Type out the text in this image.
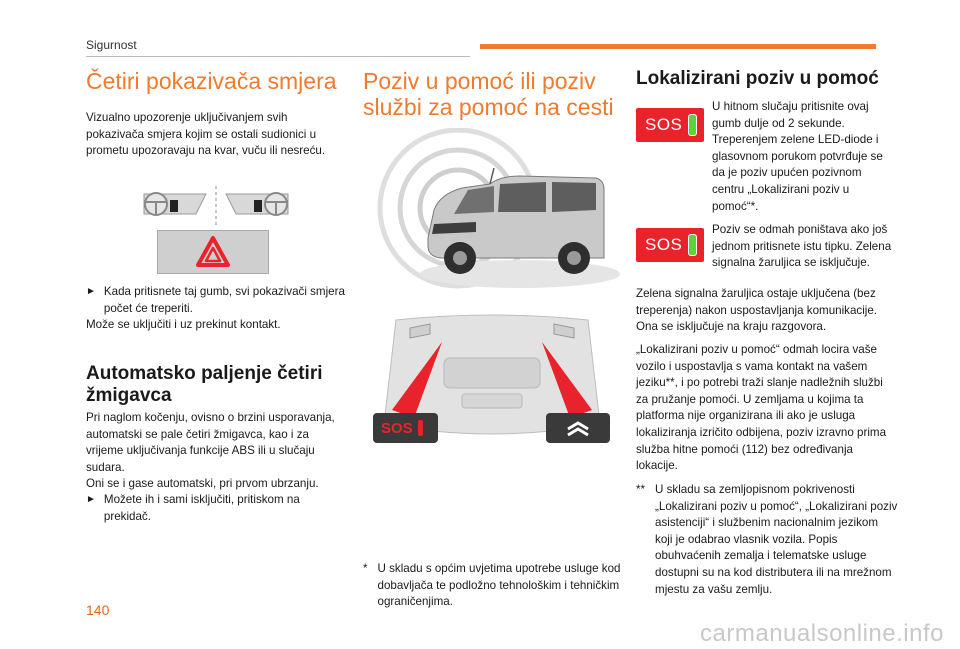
Sigurnost
Četiri pokazivača smjera

Vizualno upozorenje uključivanjem svih pokazivača smjera kojim se ostali sudionici u prometu upozoravaju na kvar, vuču ili nesreću.

► Kada pritisnete taj gumb, svi pokazivači smjera počet će treperiti.

Može se uključiti i uz prekinut kontakt.

Automatsko paljenje četiri
žmigavca

Pri naglom kočenju, ovisno o brzini usporavanja, automatski se pale četiri žmigavca, kao i za vrijeme uključivanja funkcije ABS ili u slučaju sudara.

Oni se i gase automatski, pri prvom ubrzanju.

► Možete ih i sami isključiti, pritiskom na prekidač.

Poziv u pomoć ili poziv
službi za pomoć na cesti
SOS
* U skladu s općim uvjetima upotrebe usluge kod dobavljača te podložno tehnološkim i tehničkim ograničenjima.

Lokalizirani poziv u pomoć
SOS

U hitnom slučaju pritisnite ovaj gumb dulje od 2 sekunde. Treperenjem zelene LED-diode i glasovnom porukom potvrđuje se da je poziv upućen pozivnom centru „Lokalizirani poziv u pomoć“*.

SOS

Poziv se odmah poništava ako još jednom pritisnete istu tipku. Zelena signalna žaruljica se isključuje.

Zelena signalna žaruljica ostaje uključena (bez treperenja) nakon uspostavljanja komunikacije. Ona se isključuje na kraju razgovora.

„Lokalizirani poziv u pomoć“ odmah locira vaše vozilo i uspostavlja s vama kontakt na vašem jeziku**, i po potrebi traži slanje nadležnih službi za pružanje pomoći. U zemljama u kojima ta platforma nije organizirana ili ako je usluga lokaliziranja izričito odbijena, poziv izravno prima služba hitne pomoći (112) bez određivanja lokacije.

** U skladu sa zemljopisnom pokrivenosti „Lokalizirani poziv u pomoć“, „Lokalizirani poziv asistenciji“ i službenim nacionalnim jezikom koji je odabrao vlasnik vozila. Popis obuhvaćenih zemalja i telematske usluge dostupni su na kod distributera ili na mrežnom mjestu za vašu zemlju.

140
carmanualsonline.info
